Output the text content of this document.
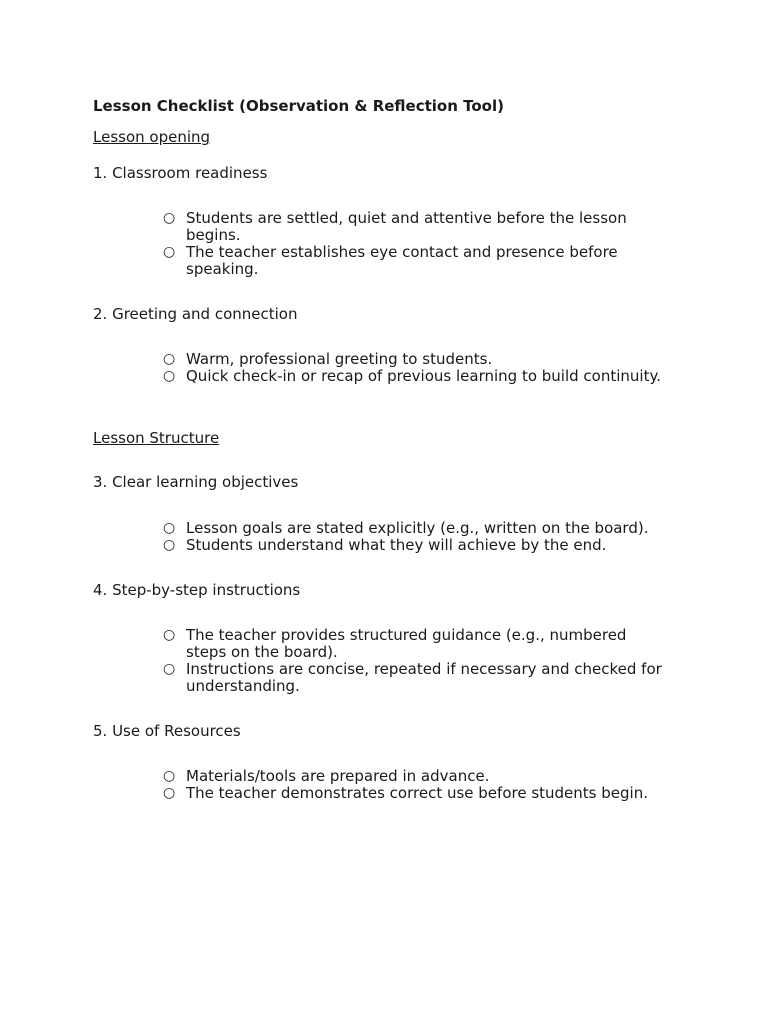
Lesson Checklist (Observation & Reflection Tool)
Lesson opening
1. Classroom readiness
○ Students are settled, quiet and attentive before the lesson begins.
○ The teacher establishes eye contact and presence before speaking.
2. Greeting and connection
○ Warm, professional greeting to students.
○ Quick check-in or recap of previous learning to build continuity.
Lesson Structure
3. Clear learning objectives
○ Lesson goals are stated explicitly (e.g., written on the board).
○ Students understand what they will achieve by the end.
4. Step-by-step instructions
○ The teacher provides structured guidance (e.g., numbered steps on the board).
○ Instructions are concise, repeated if necessary and checked for understanding.
5. Use of Resources
○ Materials/tools are prepared in advance.
○ The teacher demonstrates correct use before students begin.
